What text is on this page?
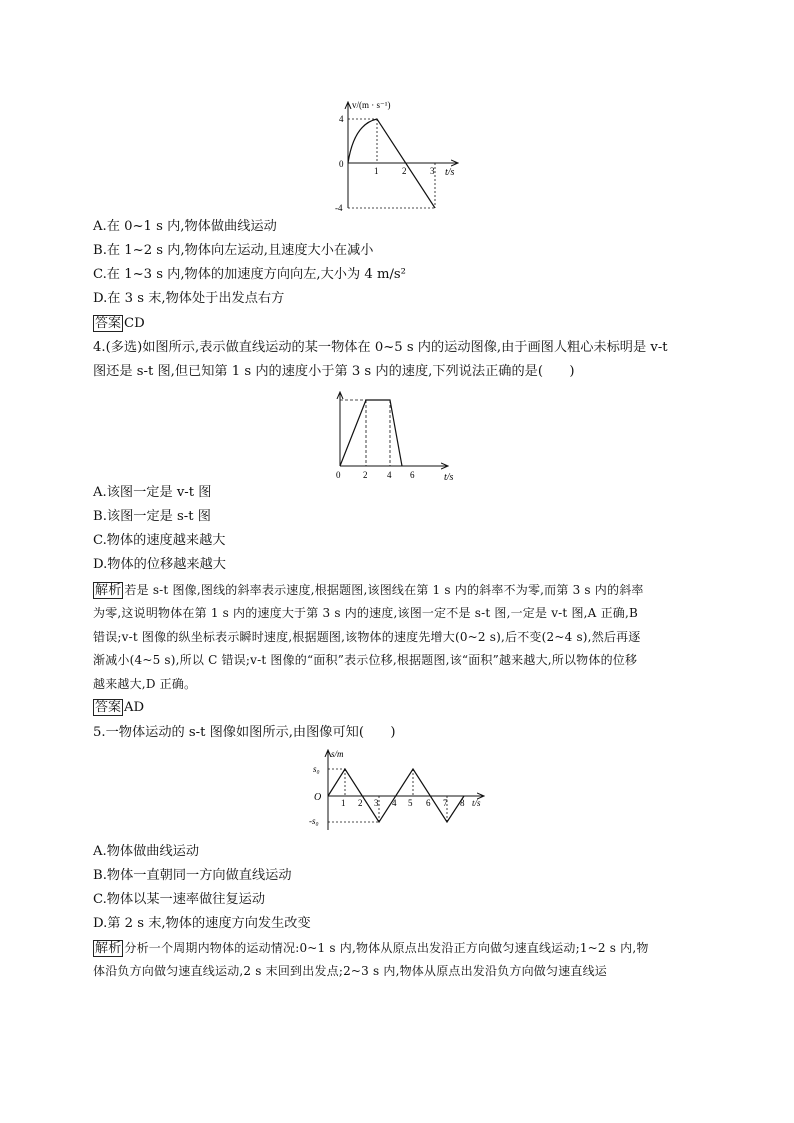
v/(m · s⁻¹)
t/s
4
0
-4
1	2	3
A.在 0~1 s 内,物体做曲线运动
B.在 1~2 s 内,物体向左运动,且速度大小在减小
C.在 1~3 s 内,物体的加速度方向向左,大小为 4 m/s²
D.在 3 s 末,物体处于出发点右方
答案 CD
4.(多选)如图所示,表示做直线运动的某一物体在 0~5 s 内的运动图像,由于画图人粗心未标明是 v-t
图还是 s-t 图,但已知第 1 s 内的速度小于第 3 s 内的速度,下列说法正确的是(　　)
0	2 4 6	t/s
A.该图一定是 v-t 图
B.该图一定是 s-t 图
C.物体的速度越来越大
D.物体的位移越来越大
解析 若是 s-t 图像,图线的斜率表示速度,根据题图,该图线在第 1 s 内的斜率不为零,而第 3 s 内的斜率
为零,这说明物体在第 1 s 内的速度大于第 3 s 内的速度,该图一定不是 s-t 图,一定是 v-t 图,A 正确,B
错误;v-t 图像的纵坐标表示瞬时速度,根据题图,该物体的速度先增大(0~2 s),后不变(2~4 s),然后再逐
渐减小(4~5 s),所以 C 错误;v-t 图像的“面积”表示位移,根据题图,该“面积”越来越大,所以物体的位移
越来越大,D 正确。
答案 AD
5.一物体运动的 s-t 图像如图所示,由图像可知(　　)
s/m
s₀
O
-s₀
1 2 3 4 5 6 7 8 t/s
A.物体做曲线运动
B.物体一直朝同一方向做直线运动
C.物体以某一速率做往复运动
D.第 2 s 末,物体的速度方向发生改变
解析 分析一个周期内物体的运动情况:0~1 s 内,物体从原点出发沿正方向做匀速直线运动;1~2 s 内,物
体沿负方向做匀速直线运动,2 s 末回到出发点;2~3 s 内,物体从原点出发沿负方向做匀速直线运
